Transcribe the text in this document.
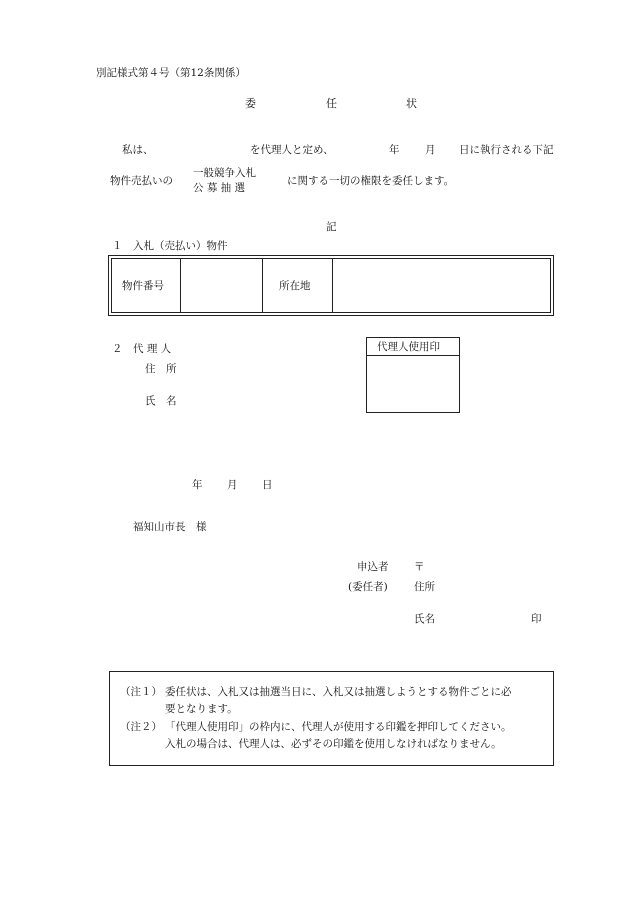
別記様式第４号（第12条関係）
委	任	状
私は、	を代理人と定め、	年 月 日に執行される下記
物件売払いの
一般競争入札
公 募 抽 選
に関する一切の権限を委任します。
記
１　入札（売払い）物件
物件番号	所在地
２　代 理 人
住　所
氏　名
代理人使用印
年 月 日
福知山市長　様
申込者 〒
(委任者)	住所
氏名	印
（注１） 委任状は、入札又は抽選当日に、入札又は抽選しようとする物件ごとに必
要となります。
（注２） 「代理人使用印」の枠内に、代理人が使用する印鑑を押印してください。
入札の場合は、代理人は、必ずその印鑑を使用しなければなりません。
